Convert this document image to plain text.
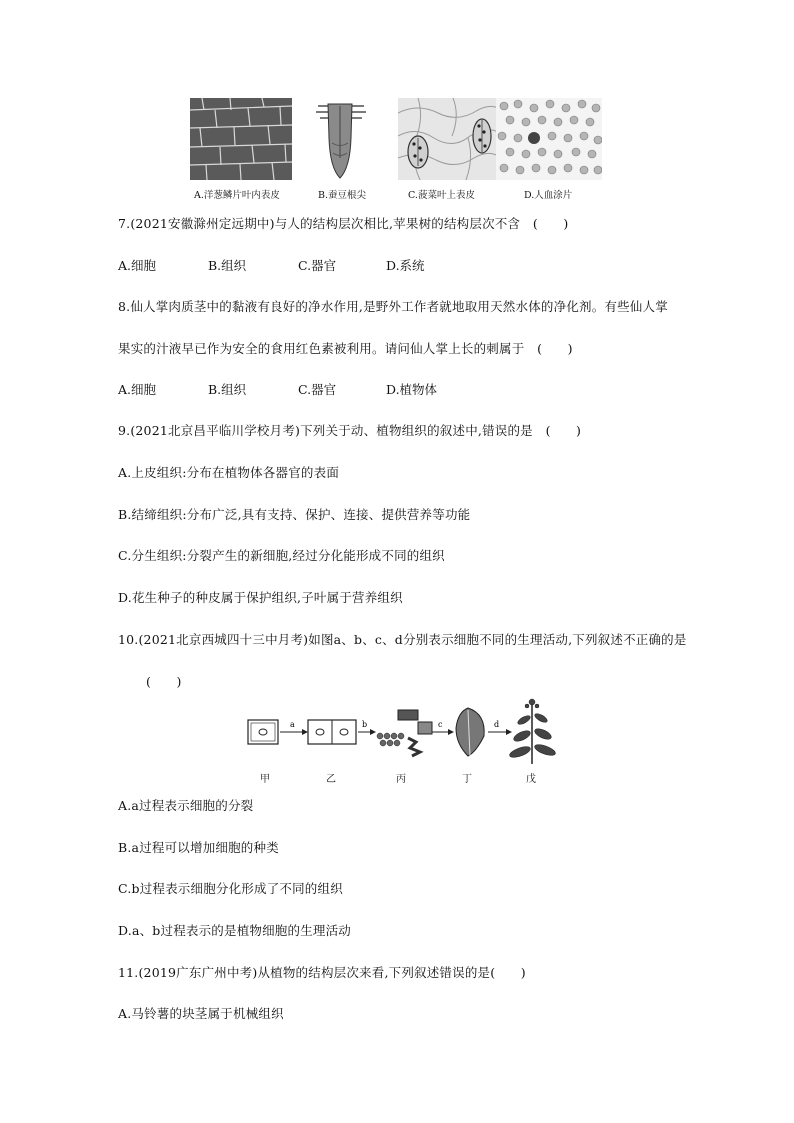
A.洋葱鳞片叶内表皮	B.蚕豆根尖	C.菠菜叶上表皮	D.人血涂片
7.(2021安徽滁州定远期中)与人的结构层次相比,苹果树的结构层次不含　(　　)
A.细胞	B.组织	C.器官	D.系统
8.仙人掌肉质茎中的黏液有良好的净水作用,是野外工作者就地取用天然水体的净化剂。有些仙人掌
果实的汁液早已作为安全的食用红色素被利用。请问仙人掌上长的刺属于　(　　)
A.细胞	B.组织	C.器官	D.植物体
9.(2021北京昌平临川学校月考)下列关于动、植物组织的叙述中,错误的是　(　　)
A.上皮组织:分布在植物体各器官的表面
B.结缔组织:分布广泛,具有支持、保护、连接、提供营养等功能
C.分生组织:分裂产生的新细胞,经过分化能形成不同的组织
D.花生种子的种皮属于保护组织,子叶属于营养组织
10.(2021北京西城四十三中月考)如图a、b、c、d分别表示细胞不同的生理活动,下列叙述不正确的是
(　　)
a	b	c	d
甲	乙	丙	丁	戊
A.a过程表示细胞的分裂
B.a过程可以增加细胞的种类
C.b过程表示细胞分化形成了不同的组织
D.a、b过程表示的是植物细胞的生理活动
11.(2019广东广州中考)从植物的结构层次来看,下列叙述错误的是(　　)
A.马铃薯的块茎属于机械组织
